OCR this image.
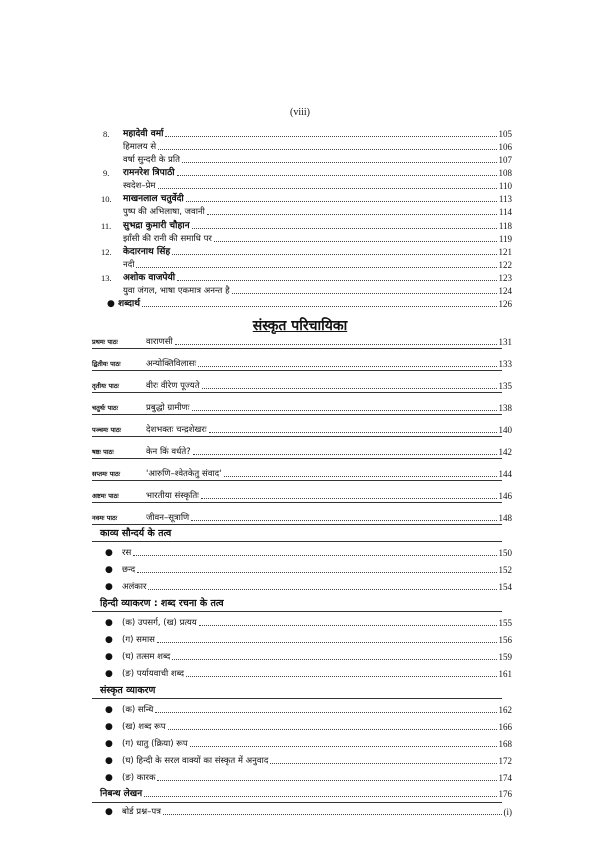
(viii)
8. महादेवी वर्मा	105
हिमालय से	106
वर्षा सुन्दरी के प्रति	107
9. रामनरेश त्रिपाठी	108
स्वदेश–प्रेम	110
10. माखनलाल चतुर्वेदी	113
पुष्प की अभिलाषा, जवानी	114
11. सुभद्रा कुमारी चौहान	118
झाँसी की रानी की समाधि पर	119
12. केदारनाथ सिंह	121
नदी	122
13. अशोक वाजपेयी	123
युवा जंगल, भाषा एकमात्र अनन्त है	124
● शब्दार्थ	126
संस्कृत परिचायिका
प्रथमः पाठः	वाराणसी	131
द्वितीयः पाठः	अन्योक्तिविलासः	133
तृतीयः पाठः	वीरः वीरेण पूज्यते	135
चतुर्थः पाठः	प्रबुद्धो ग्रामीणः	138
पञ्चमः पाठः	देशभक्तः चन्द्रशेखरः	140
षष्ठः पाठः	केन किं वर्धते?	142
सप्तमः पाठः	'आरुणि–श्वेतकेतु संवाद'	144
अष्टमः पाठः	भारतीया संस्कृतिः	146
नवमः पाठः	जीवन–सूत्राणि	148
काव्य सौन्दर्य के तत्व
● रस	150
● छन्द	152
● अलंकार	154
हिन्दी व्याकरण : शब्द रचना के तत्व
● (क) उपसर्ग, (ख) प्रत्यय	155
● (ग) समास	156
● (घ) तत्सम शब्द	159
● (ङ) पर्यायवाची शब्द	161
संस्कृत व्याकरण
● (क) सन्धि	162
● (ख) शब्द रूप	166
● (ग) धातु (क्रिया) रूप	168
● (घ) हिन्दी के सरल वाक्यों का संस्कृत में अनुवाद	172
● (ङ) कारक	174
निबन्ध लेखन	176
● बोर्ड प्रश्न–पत्र	(i)
